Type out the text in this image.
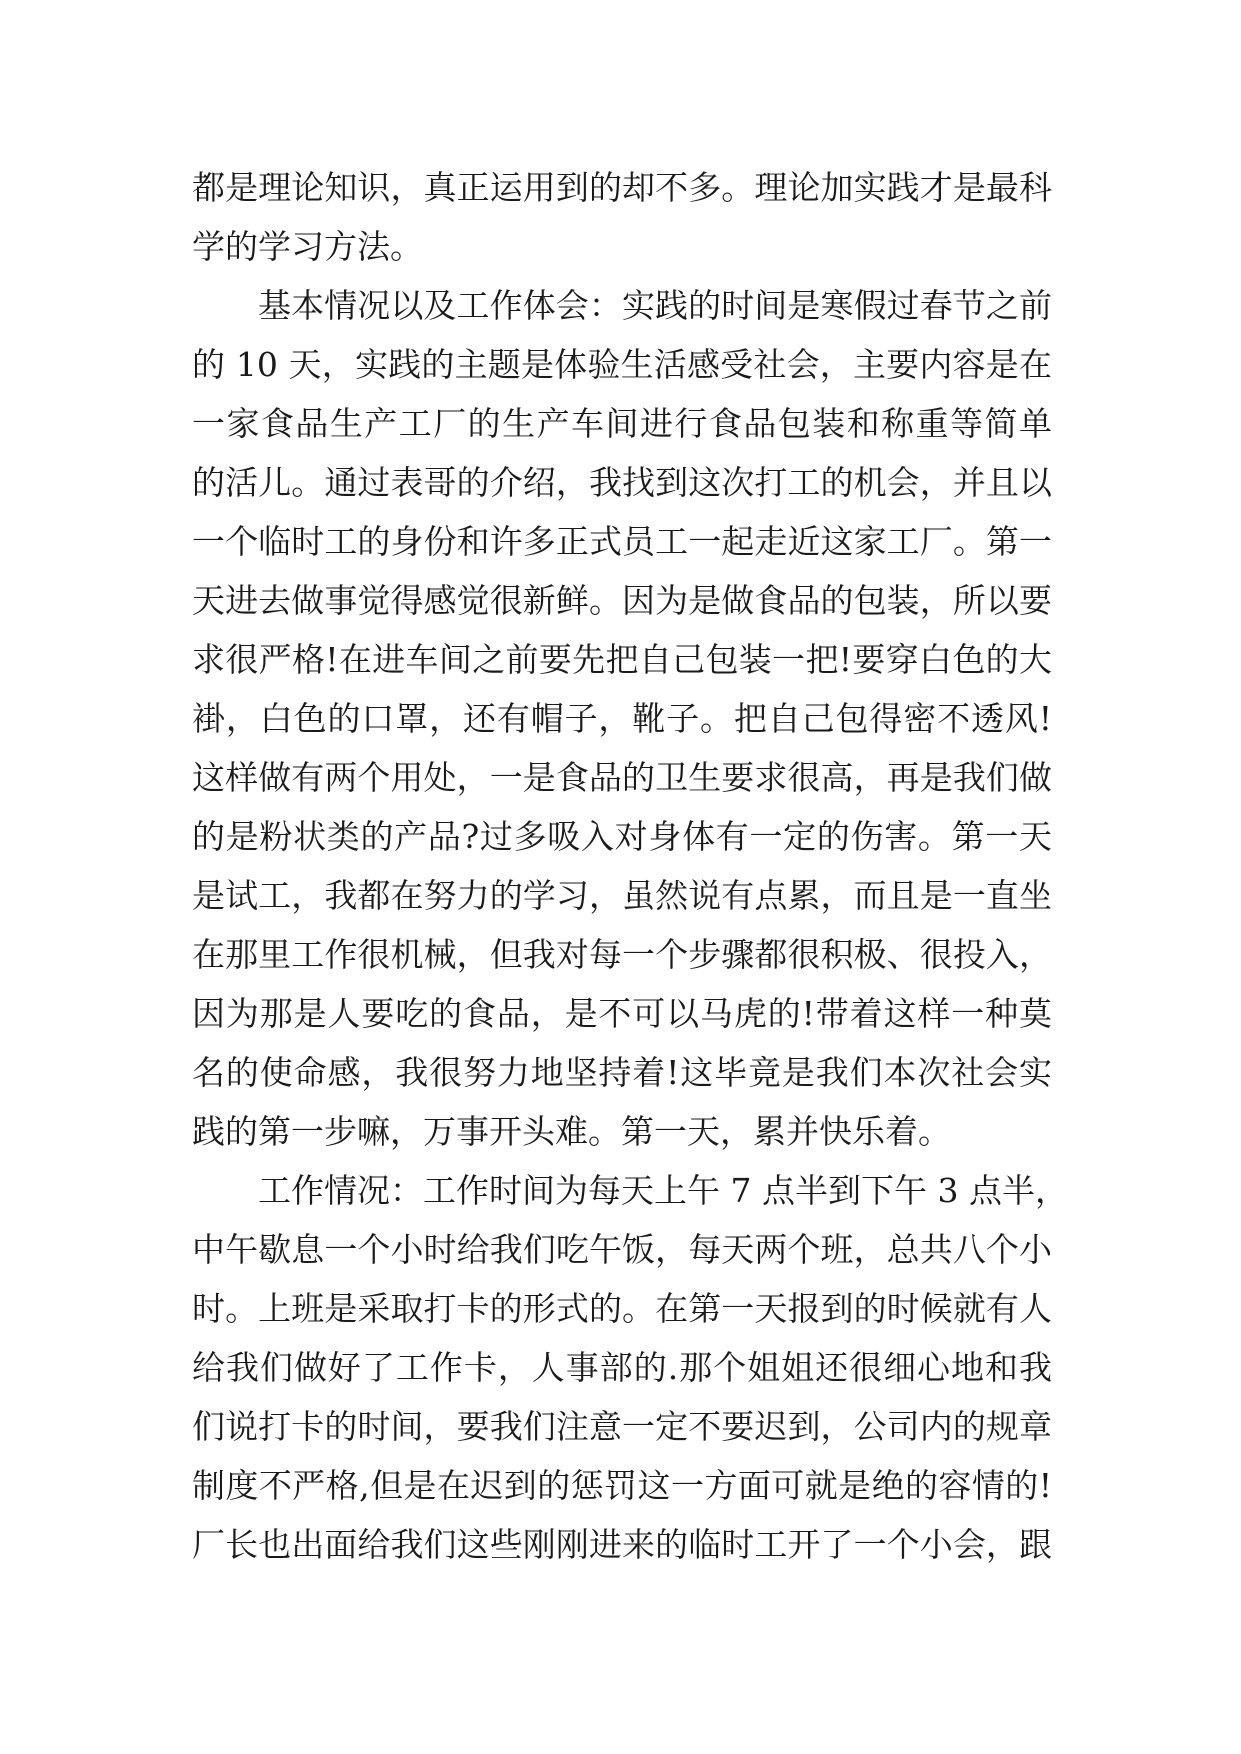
都是理论知识，真正运用到的却不多。理论加实践才是最科
学的学习方法。
基本情况以及工作体会：实践的时间是寒假过春节之前
的 10 天，实践的主题是体验生活感受社会，主要内容是在
一家食品生产工厂的生产车间进行食品包装和称重等简单
的活儿。通过表哥的介绍，我找到这次打工的机会，并且以
一个临时工的身份和许多正式员工一起走近这家工厂。第一
天进去做事觉得感觉很新鲜。因为是做食品的包装，所以要
求很严格!在进车间之前要先把自己包装一把!要穿白色的大
褂，白色的口罩，还有帽子，靴子。把自己包得密不透风!
这样做有两个用处，一是食品的卫生要求很高，再是我们做
的是粉状类的产品?过多吸入对身体有一定的伤害。第一天
是试工，我都在努力的学习，虽然说有点累，而且是一直坐
在那里工作很机械，但我对每一个步骤都很积极、很投入，
因为那是人要吃的食品，是不可以马虎的!带着这样一种莫
名的使命感，我很努力地坚持着!这毕竟是我们本次社会实
践的第一步嘛，万事开头难。第一天，累并快乐着。
工作情况：工作时间为每天上午 7 点半到下午 3 点半，
中午歇息一个小时给我们吃午饭，每天两个班，总共八个小
时。上班是采取打卡的形式的。在第一天报到的时候就有人
给我们做好了工作卡，人事部的.那个姐姐还很细心地和我
们说打卡的时间，要我们注意一定不要迟到，公司内的规章
制度不严格,但是在迟到的惩罚这一方面可就是绝的容情的!
厂长也出面给我们这些刚刚进来的临时工开了一个小会，跟
